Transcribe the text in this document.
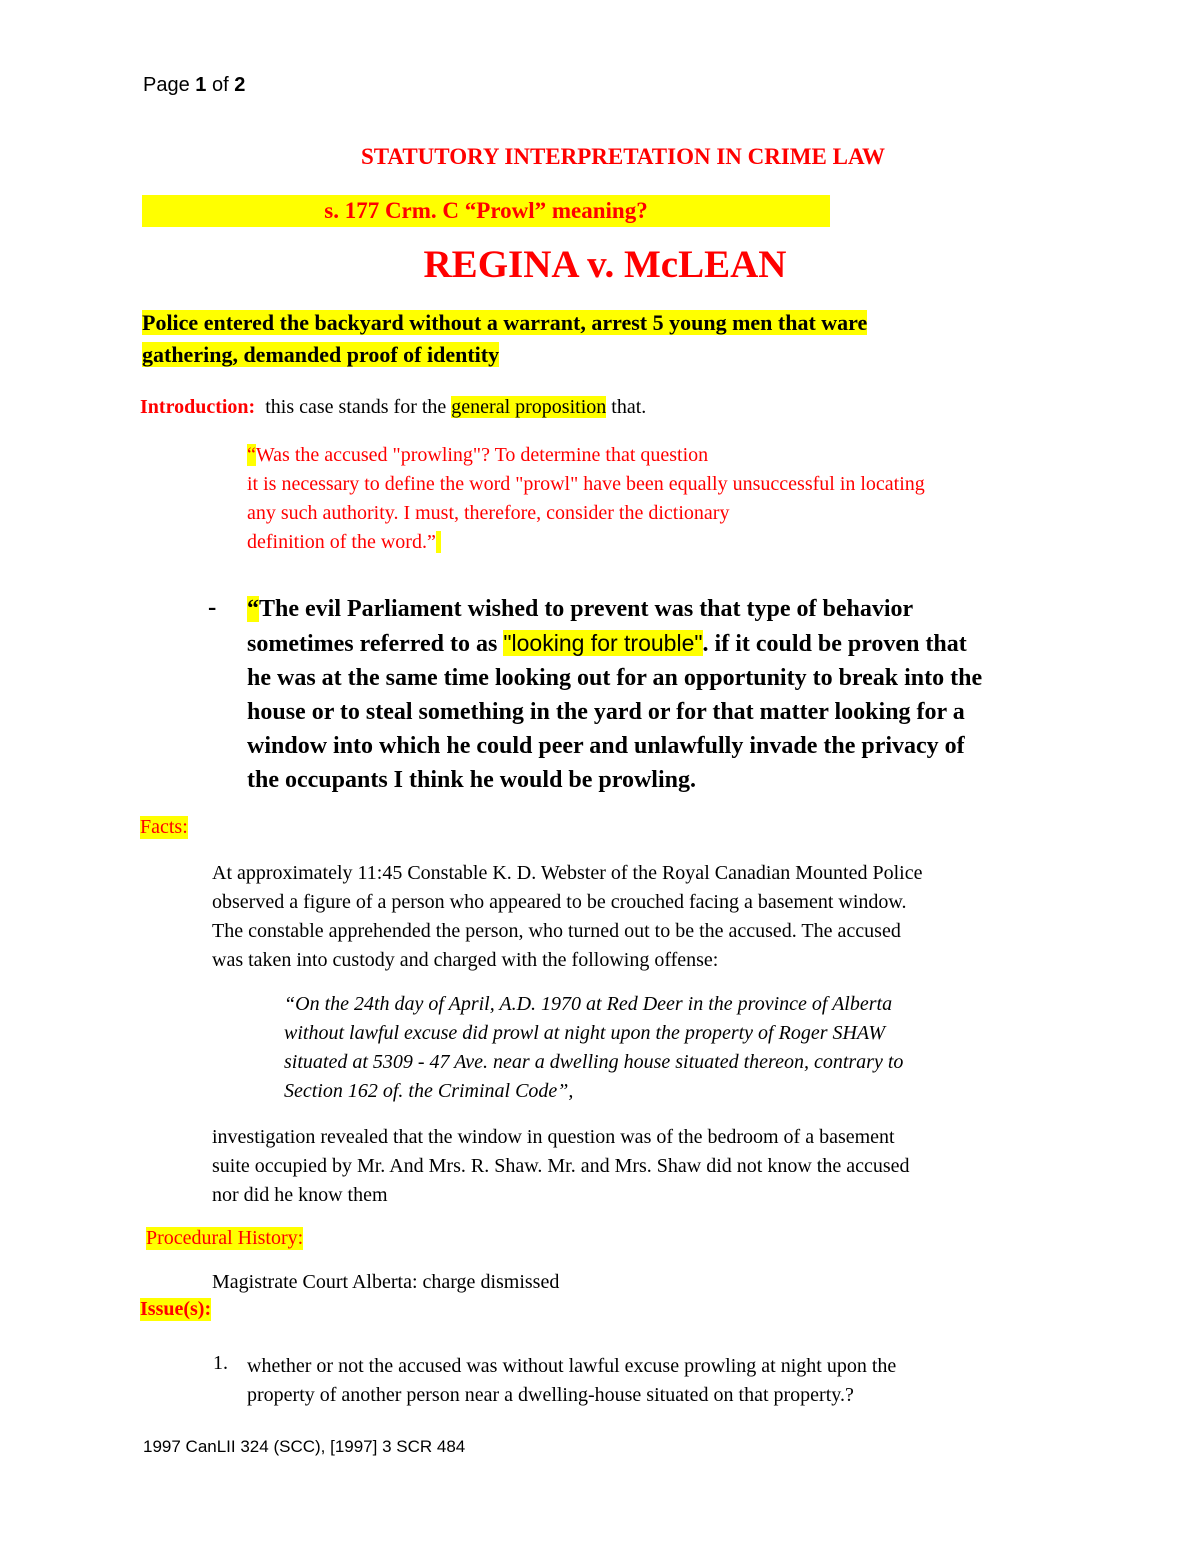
Page 1 of 2
STATUTORY INTERPRETATION IN CRIME LAW
s. 177 Crm. C “Prowl” meaning?
REGINA v. McLEAN
Police entered the backyard without a warrant, arrest 5 young men that ware
gathering, demanded proof of identity
Introduction:  this case stands for the general proposition that.
“Was the accused "prowling"? To determine that question
it is necessary to define the word "prowl" have been equally unsuccessful in locating
any such authority. I must, therefore, consider the dictionary
definition of the word.”
- “The evil Parliament wished to prevent was that type of behavior
sometimes referred to as "looking for trouble". if it could be proven that
he was at the same time looking out for an opportunity to break into the
house or to steal something in the yard or for that matter looking for a
window into which he could peer and unlawfully invade the privacy of
the occupants I think he would be prowling.
Facts:
At approximately 11:45 Constable K. D. Webster of the Royal Canadian Mounted Police
observed a figure of a person who appeared to be crouched facing a basement window.
The constable apprehended the person, who turned out to be the accused. The accused
was taken into custody and charged with the following offense:
“On the 24th day of April, A.D. 1970 at Red Deer in the province of Alberta
without lawful excuse did prowl at night upon the property of Roger SHAW
situated at 5309 - 47 Ave. near a dwelling house situated thereon, contrary to
Section 162 of. the Criminal Code”,
investigation revealed that the window in question was of the bedroom of a basement
suite occupied by Mr. And Mrs. R. Shaw. Mr. and Mrs. Shaw did not know the accused
nor did he know them
Procedural History:
Magistrate Court Alberta: charge dismissed
Issue(s):
1. whether or not the accused was without lawful excuse prowling at night upon the
property of another person near a dwelling-house situated on that property.?
1997 CanLII 324 (SCC), [1997] 3 SCR 484
